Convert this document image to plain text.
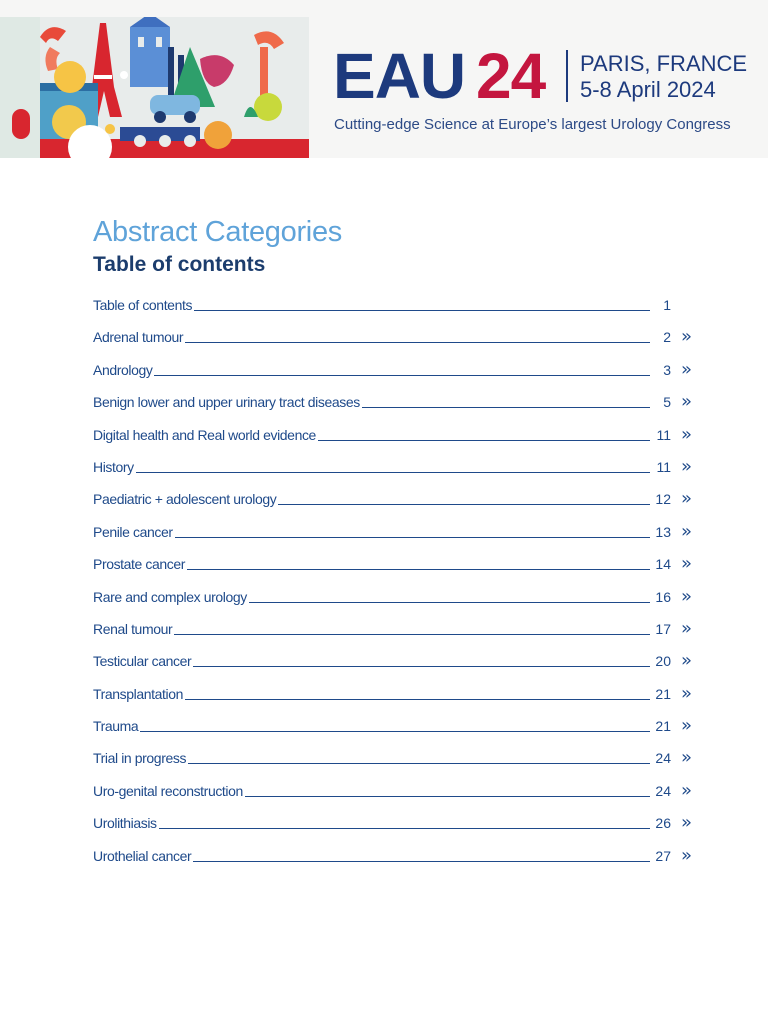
EAU 24 PARIS, FRANCE
5-8 April 2024
Cutting-edge Science at Europe’s largest Urology Congress
Abstract Categories
Table of contents
Table of contents	1
Adrenal tumour	2 »
Andrology	3 »
Benign lower and upper urinary tract diseases	5 »
Digital health and Real world evidence	11 »
History	11 »
Paediatric + adolescent urology	12 »
Penile cancer	13 »
Prostate cancer	14 »
Rare and complex urology	16 »
Renal tumour	17 »
Testicular cancer	20 »
Transplantation	21 »
Trauma	21 »
Trial in progress	24 »
Uro-genital reconstruction	24 »
Urolithiasis	26 »
Urothelial cancer	27 »
